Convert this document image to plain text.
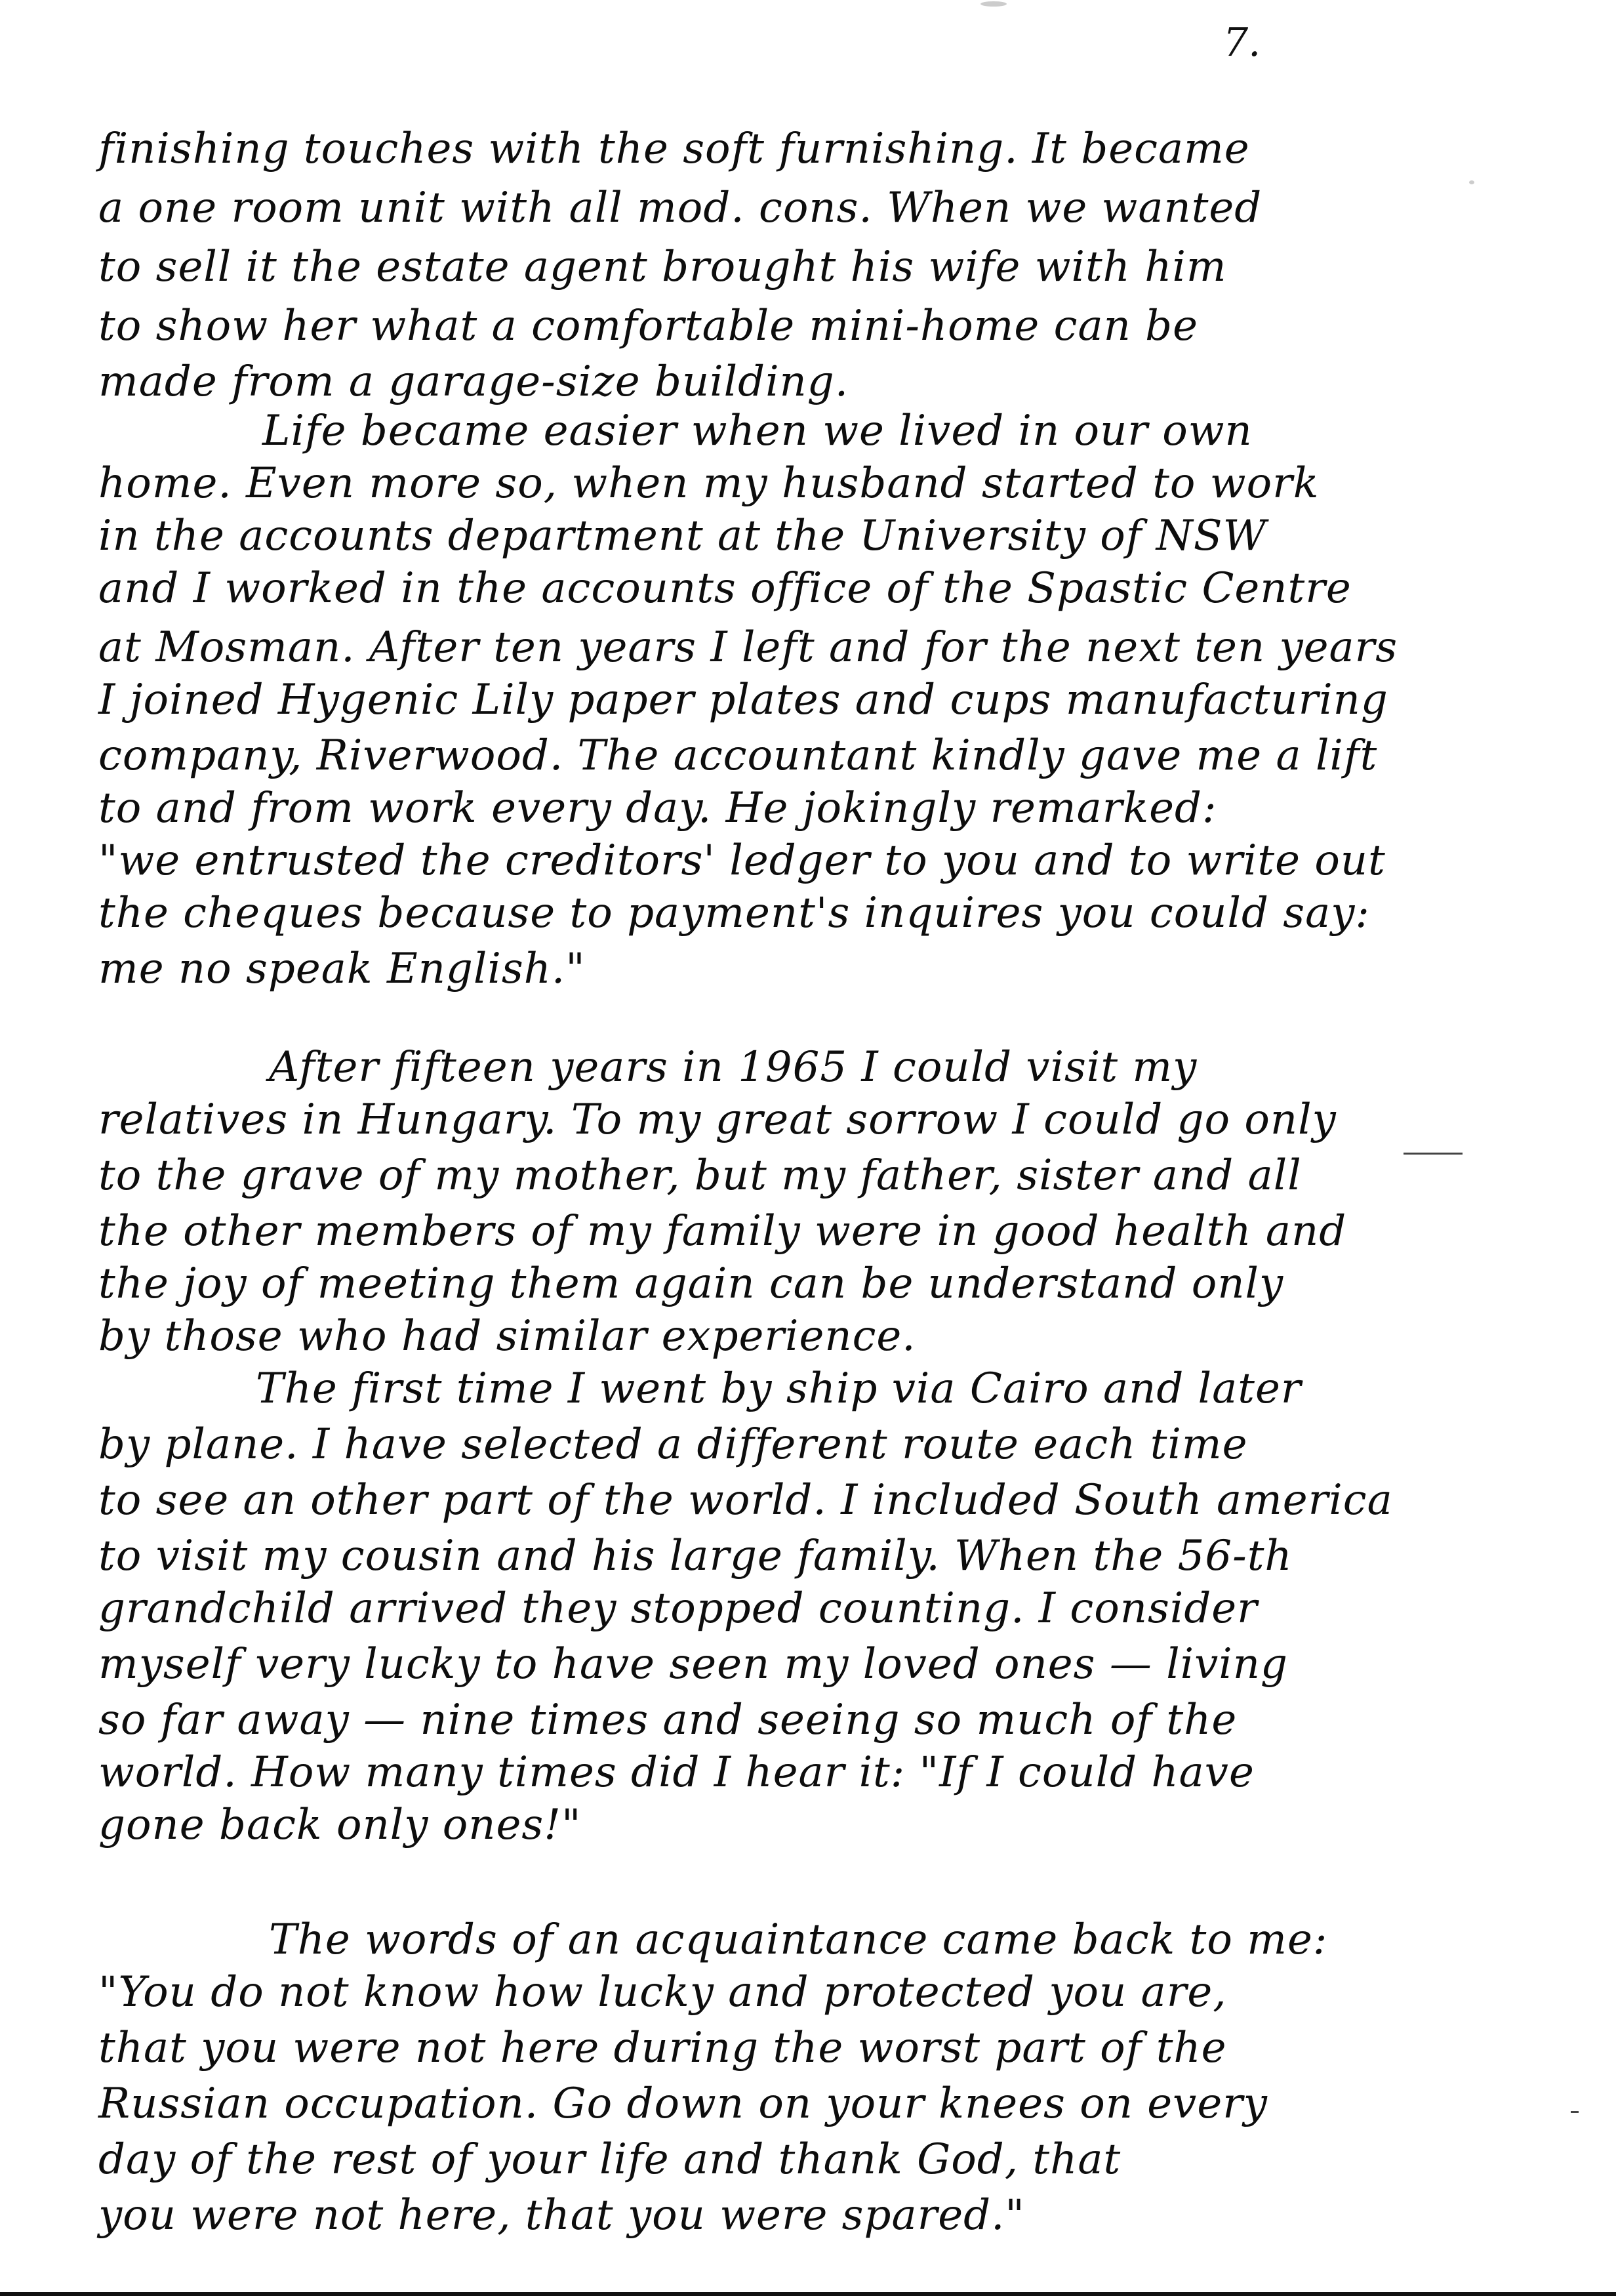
7.
finishing touches with the soft furnishing. It became
a one room unit with all mod. cons. When we wanted
to sell it the estate agent brought his wife with him
to show her what a comfortable mini-home can be
made from a garage-size building.
Life became easier when we lived in our own
home. Even more so, when my husband started to work
in the accounts department at the University of NSW
and I worked in the accounts office of the Spastic Centre
at Mosman. After ten years I left and for the next ten years
I joined Hygenic Lily paper plates and cups manufacturing
company, Riverwood. The accountant kindly gave me a lift
to and from work every day. He jokingly remarked:
"we entrusted the creditors' ledger to you and to write out
the cheques because to payment's inquires you could say:
me no speak English."
After fifteen years in 1965 I could visit my
relatives in Hungary. To my great sorrow I could go only
to the grave of my mother, but my father, sister and all
the other members of my family were in good health and
the joy of meeting them again can be understand only
by those who had similar experience.
The first time I went by ship via Cairo and later
by plane. I have selected a different route each time
to see an other part of the world. I included South america
to visit my cousin and his large family. When the 56-th
grandchild arrived they stopped counting. I consider
myself very lucky to have seen my loved ones — living
so far away — nine times and seeing so much of the
world. How many times did I hear it: "If I could have
gone back only ones!"
The words of an acquaintance came back to me:
"You do not know how lucky and protected you are,
that you were not here during the worst part of the
Russian occupation. Go down on your knees on every
day of the rest of your life and thank God, that
you were not here, that you were spared."
